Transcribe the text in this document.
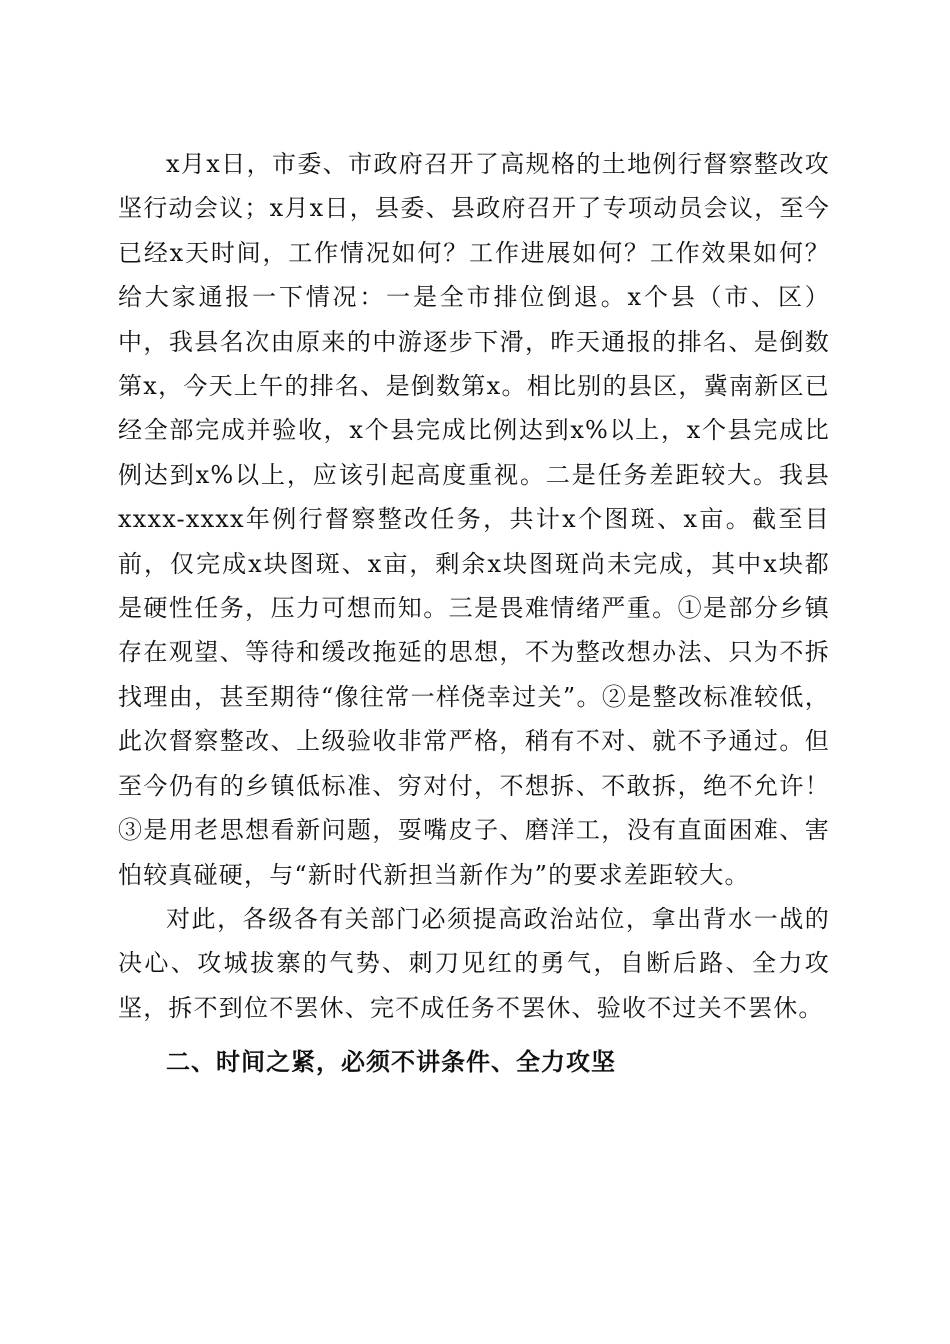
x月x日，市委、市政府召开了高规格的土地例行督察整改攻坚行动会议；x月x日，县委、县政府召开了专项动员会议，至今已经x天时间，工作情况如何？工作进展如何？工作效果如何？给大家通报一下情况：一是全市排位倒退。x个县（市、区）中，我县名次由原来的中游逐步下滑，昨天通报的排名、是倒数第x，今天上午的排名、是倒数第x。相比别的县区，冀南新区已经全部完成并验收，x个县完成比例达到x%以上，x个县完成比例达到x%以上，应该引起高度重视。二是任务差距较大。我县xxxx-xxxx年例行督察整改任务，共计x个图斑、x亩。截至目前，仅完成x块图斑、x亩，剩余x块图斑尚未完成，其中x块都是硬性任务，压力可想而知。三是畏难情绪严重。①是部分乡镇存在观望、等待和缓改拖延的思想，不为整改想办法、只为不拆找理由，甚至期待“像往常一样侥幸过关”。②是整改标准较低，此次督察整改、上级验收非常严格，稍有不对、就不予通过。但至今仍有的乡镇低标准、穷对付，不想拆、不敢拆，绝不允许！③是用老思想看新问题，耍嘴皮子、磨洋工，没有直面困难、害怕较真碰硬，与“新时代新担当新作为”的要求差距较大。

对此，各级各有关部门必须提高政治站位，拿出背水一战的决心、攻城拔寨的气势、刺刀见红的勇气，自断后路、全力攻坚，拆不到位不罢休、完不成任务不罢休、验收不过关不罢休。

二、时间之紧，必须不讲条件、全力攻坚
